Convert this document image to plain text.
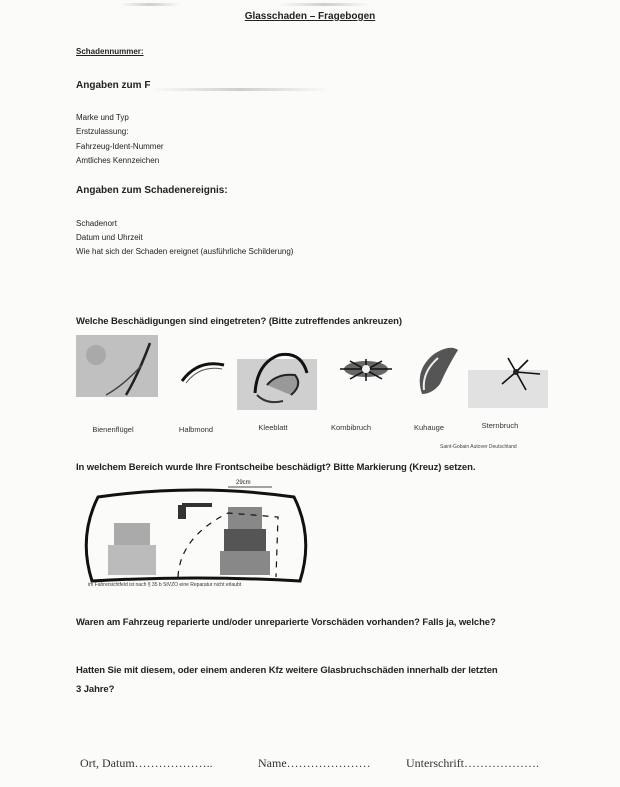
Glasschaden – Fragebogen
Schadennummer:
Angaben zum F
Marke und Typ
Erstzulassung:
Fahrzeug-Ident-Nummer
Amtliches Kennzeichen
Angaben zum Schadenereignis:
Schadenort
Datum und Uhrzeit
Wie hat sich der Schaden ereignet (ausführliche Schilderung)
Welche Beschädigungen sind eingetreten? (Bitte zutreffendes ankreuzen)
Bienenflügel	Halbmond	Kleeblatt	Kombibruch	Kuhauge	Sternbruch
Saint-Gobain Autover Deutschland
In welchem Bereich wurde Ihre Frontscheibe beschädigt? Bitte Markierung (Kreuz) setzen.
29cm
im Fahrersichtfeld ist nach § 35 b StVZO eine Reparatur nicht erlaubt
Waren am Fahrzeug reparierte und/oder unreparierte Vorschäden vorhanden? Falls ja, welche?
Hatten Sie mit diesem, oder einem anderen Kfz weitere Glasbruchschäden innerhalb der letzten
3 Jahre?
Ort, Datum………………..	Name…………………	Unterschrift……………….
